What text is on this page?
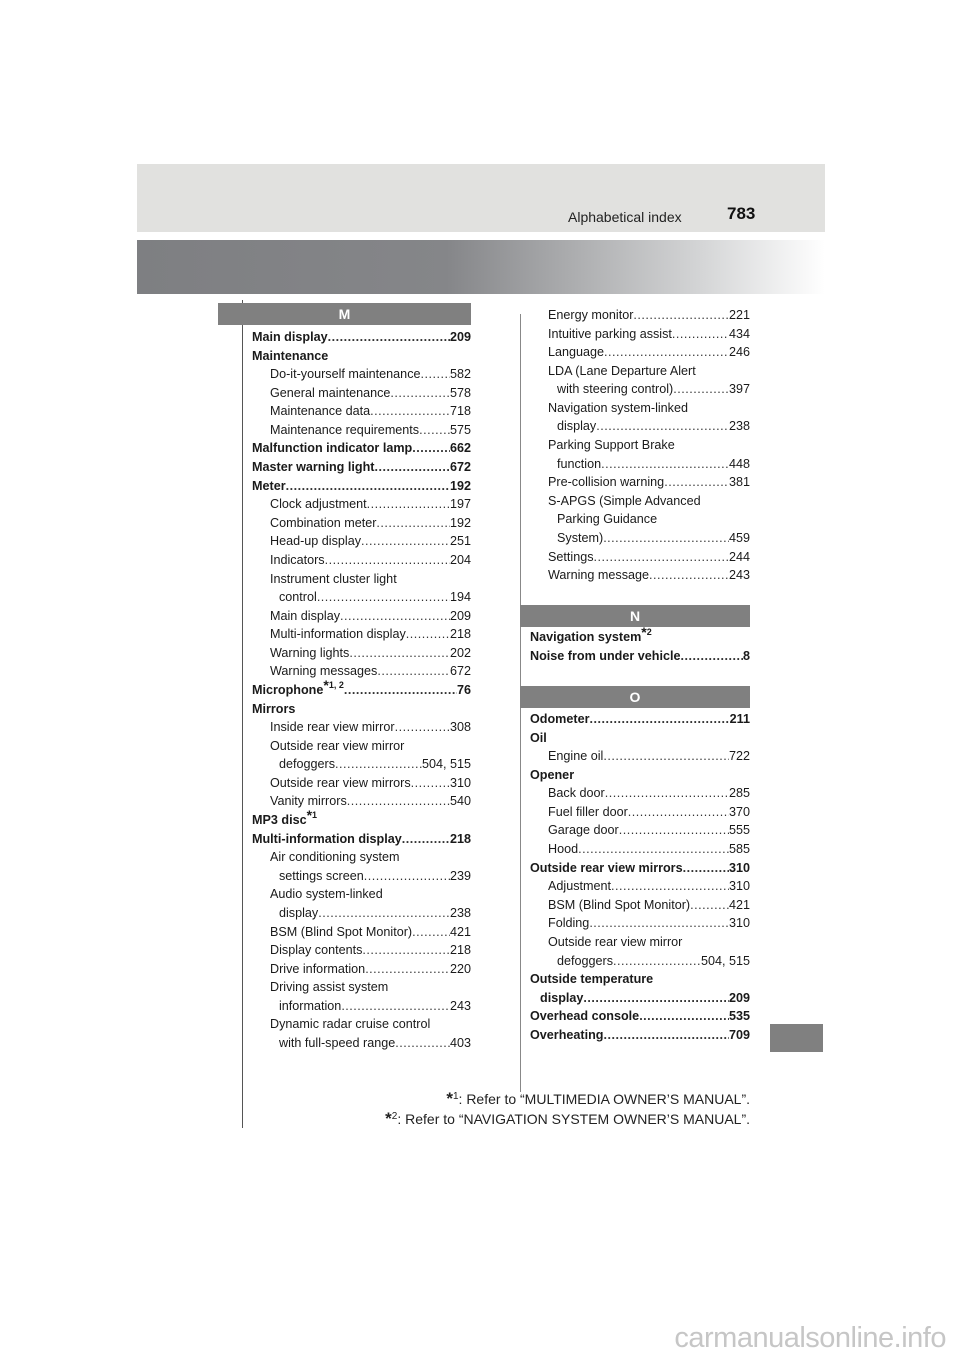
Alphabetical index	783
M
Main display .....	209
Maintenance
Do-it-yourself maintenance ..... 582
General maintenance .....	578
Maintenance data .....	718
Maintenance requirements ..... 575
Malfunction indicator lamp .....	662
Master warning light .....	672
Meter .....	192
Clock adjustment .....	197
Combination meter .....	192
Head-up display .....	251
Indicators .....	204
Instrument cluster light
control .....	194
Main display .....	209
Multi-information display .....	218
Warning lights .....	202
Warning messages .....	672
Microphone$^{*1, 2}$ .....	76
Mirrors
Inside rear view mirror .....	308
Outside rear view mirror
defoggers .....	504, 515
Outside rear view mirrors .....	310
Vanity mirrors .....	540
MP3 disc$^{*1}$
Multi-information display .....	218
Air conditioning system
settings screen .....	239
Audio system-linked
display .....	238
BSM (Blind Spot Monitor) .....	421
Display contents .....	218
Drive information .....	220
Driving assist system
information .....	243
Dynamic radar cruise control
with full-speed range .....	403
Energy monitor .....	221
Intuitive parking assist .....	434
Language .....	246
LDA (Lane Departure Alert
with steering control) .....	397
Navigation system-linked
display .....	238
Parking Support Brake
function .....	448
Pre-collision warning .....	381
S-APGS (Simple Advanced
Parking Guidance
System) .....	459
Settings .....	244
Warning message .....	243
N
Navigation system$^{*2}$
Noise from under vehicle .....	8
O
Odometer .....	211
Oil
Engine oil .....	722
Opener
Back door .....	285
Fuel filler door .....	370
Garage door .....	555
Hood .....	585
Outside rear view mirrors .....	310
Adjustment .....	310
BSM (Blind Spot Monitor) .....	421
Folding .....	310
Outside rear view mirror
defoggers .....	504, 515
Outside temperature
display .....	209
Overhead console .....	535
Overheating .....	709
*$^1$: Refer to “MULTIMEDIA OWNER’S MANUAL”.
*$^2$: Refer to “NAVIGATION SYSTEM OWNER’S MANUAL”.
carmanualsonline.info
